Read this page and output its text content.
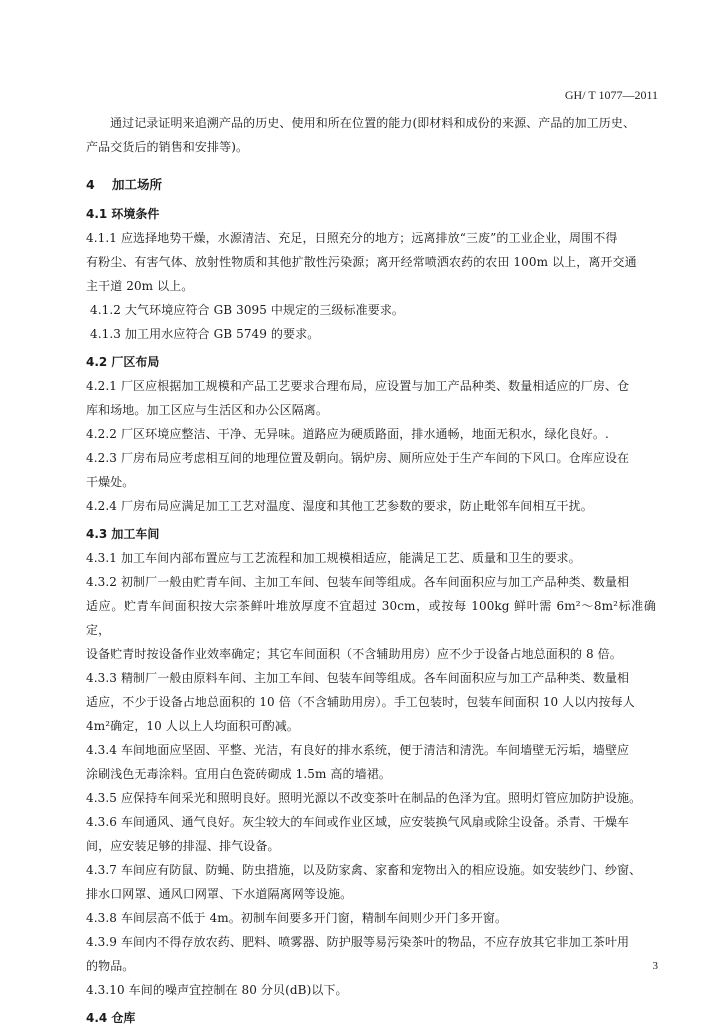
GH/ T 1077—2011

通过记录证明来追溯产品的历史、使用和所在位置的能力(即材料和成份的来源、产品的加工历史、

产品交货后的销售和安排等)。

4 加工场所
4.1 环境条件

4.1.1 应选择地势干燥，水源清洁、充足，日照充分的地方；远离排放“三废”的工业企业，周围不得

有粉尘、有害气体、放射性物质和其他扩散性污染源；离开经常喷洒农药的农田 100m 以上，离开交通

主干道 20m 以上。

4.1.2 大气环境应符合 GB 3095 中规定的三级标准要求。

4.1.3 加工用水应符合 GB 5749 的要求。

4.2 厂区布局

4.2.1 厂区应根据加工规模和产品工艺要求合理布局，应设置与加工产品种类、数量相适应的厂房、仓

库和场地。加工区应与生活区和办公区隔离。

4.2.2 厂区环境应整洁、干净、无异味。道路应为硬质路面，排水通畅，地面无积水，绿化良好。.

4.2.3 厂房布局应考虑相互间的地理位置及朝向。锅炉房、厕所应处于生产车间的下风口。仓库应设在

干燥处。

4.2.4 厂房布局应满足加工工艺对温度、湿度和其他工艺参数的要求，防止毗邻车间相互干扰。

4.3 加工车间

4.3.1 加工车间内部布置应与工艺流程和加工规模相适应，能满足工艺、质量和卫生的要求。

4.3.2 初制厂一般由贮青车间、主加工车间、包装车间等组成。各车间面积应与加工产品种类、数量相

适应。贮青车间面积按大宗茶鲜叶堆放厚度不宜超过 30cm，或按每 100kg 鲜叶需 6m²～8m²标准确定，

设备贮青时按设备作业效率确定；其它车间面积（不含辅助用房）应不少于设备占地总面积的 8 倍。

4.3.3 精制厂一般由原料车间、主加工车间、包装车间等组成。各车间面积应与加工产品种类、数量相

适应，不少于设备占地总面积的 10 倍（不含辅助用房）。手工包装时，包装车间面积 10 人以内按每人

4m²确定，10 人以上人均面积可酌减。

4.3.4 车间地面应坚固、平整、光洁，有良好的排水系统，便于清洁和清洗。车间墙壁无污垢，墙壁应

涂刷浅色无毒涂料。宜用白色瓷砖砌成 1.5m 高的墙裙。

4.3.5 应保持车间采光和照明良好。照明光源以不改变茶叶在制品的色泽为宜。照明灯管应加防护设施。

4.3.6 车间通风、通气良好。灰尘较大的车间或作业区域，应安装换气风扇或除尘设备。杀青、干燥车

间，应安装足够的排湿、排气设备。

4.3.7 车间应有防鼠、防蝇、防虫措施，以及防家禽、家畜和宠物出入的相应设施。如安装纱门、纱窗、

排水口网罩、通风口网罩、下水道隔离网等设施。

4.3.8 车间层高不低于 4m。初制车间要多开门窗，精制车间则少开门多开窗。

4.3.9 车间内不得存放农药、肥料、喷雾器、防护服等易污染茶叶的物品，不应存放其它非加工茶叶用

的物品。

4.3.10 车间的噪声宜控制在 80 分贝(dB)以下。

4.4 仓库
3
